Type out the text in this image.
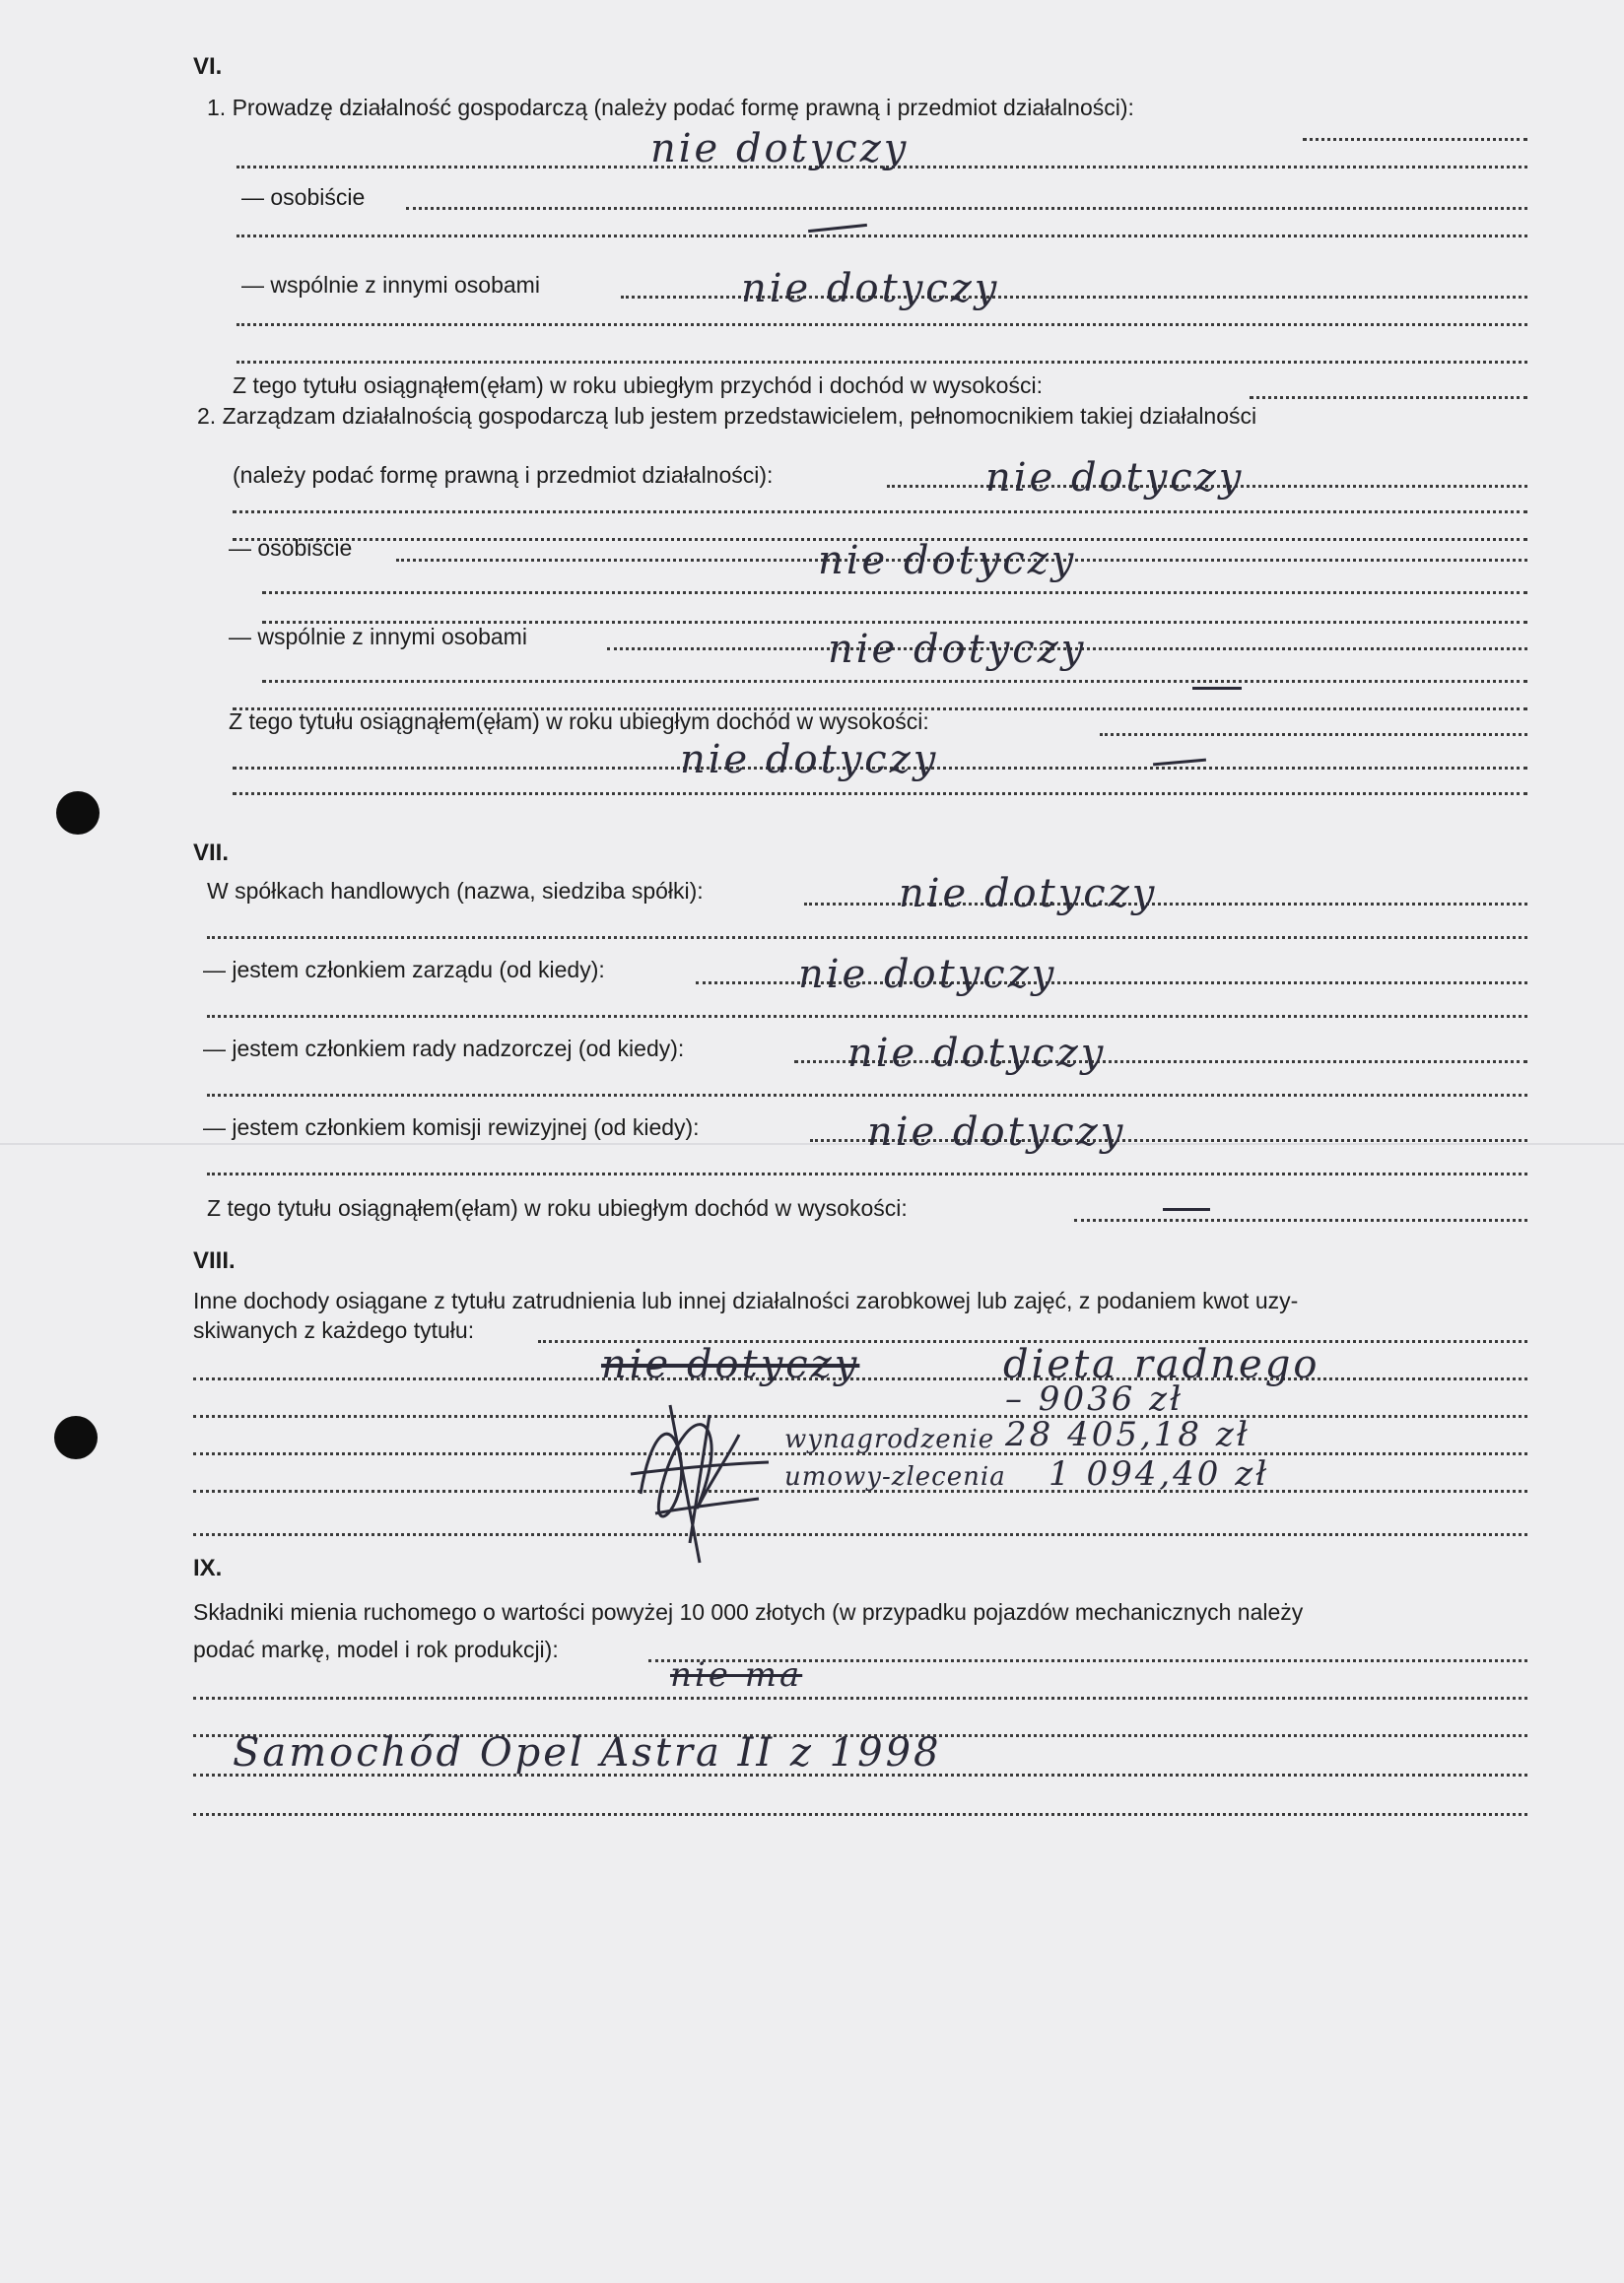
VI.
1. Prowadzę działalność gospodarczą (należy podać formę prawną i przedmiot działalności):
nie dotyczy
— osobiście
— wspólnie z innymi osobami	nie dotyczy
Z tego tytułu osiągnąłem(ęłam) w roku ubiegłym przychód i dochód w wysokości:
2. Zarządzam działalnością gospodarczą lub jestem przedstawicielem, pełnomocnikiem takiej działalności
(należy podać formę prawną i przedmiot działalności):	nie dotyczy
— osobiście	nie dotyczy
— wspólnie z innymi osobami	nie dotyczy
Z tego tytułu osiągnąłem(ęłam) w roku ubiegłym dochód w wysokości:
nie dotyczy
VII.
W spółkach handlowych (nazwa, siedziba spółki):	nie dotyczy
— jestem członkiem zarządu (od kiedy):	nie dotyczy
— jestem członkiem rady nadzorczej (od kiedy):	nie dotyczy
— jestem członkiem komisji rewizyjnej (od kiedy):	nie dotyczy
Z tego tytułu osiągnąłem(ęłam) w roku ubiegłym dochód w wysokości:
VIII.
Inne dochody osiągane z tytułu zatrudnienia lub innej działalności zarobkowej lub zajęć, z podaniem kwot uzy-
skiwanych z każdego tytułu:
nie dotyczy	dieta radnego
– 9036 zł
wynagrodzenie 28 405,18 zł
umowy-zlecenia 1 094,40 zł
IX.
Składniki mienia ruchomego o wartości powyżej 10 000 złotych (w przypadku pojazdów mechanicznych należy
podać markę, model i rok produkcji):
nie ma
Samochód Opel Astra II z 1998
